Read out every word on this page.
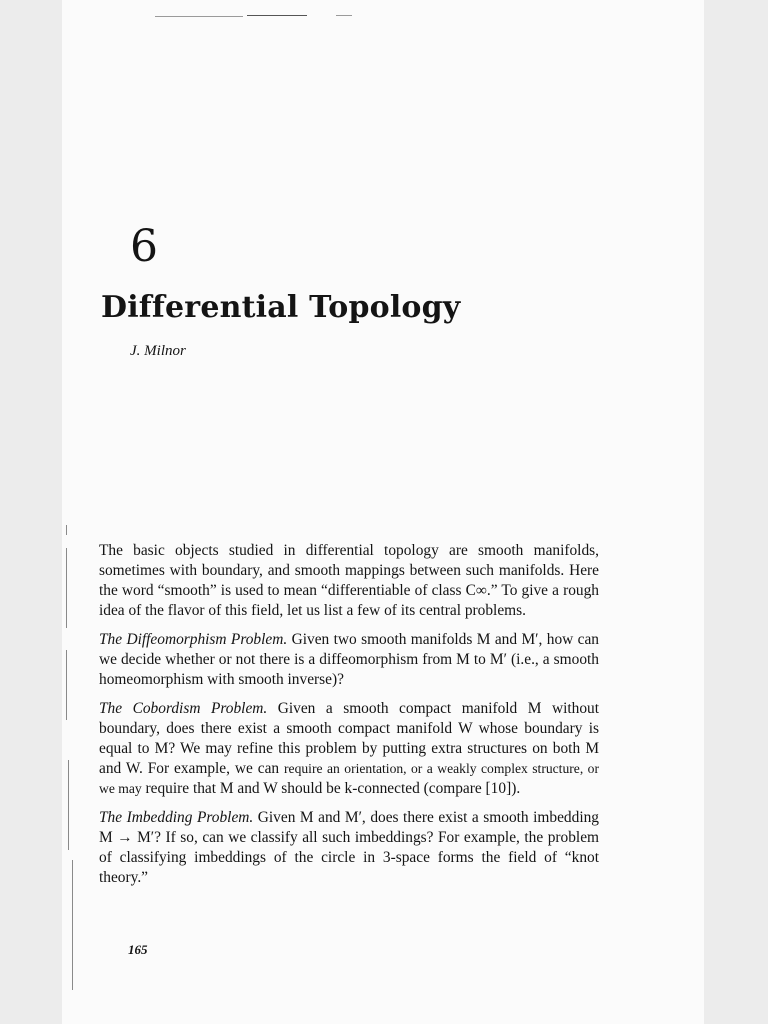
6
Differential Topology
J. Milnor

The basic objects studied in differential topology are smooth manifolds, sometimes with boundary, and smooth mappings between such manifolds. Here the word “smooth” is used to mean “differentiable of class C∞.” To give a rough idea of the flavor of this field, let us list a few of its central problems.

The Diffeomorphism Problem. Given two smooth manifolds M and M′, how can we decide whether or not there is a diffeomorphism from M to M′ (i.e., a smooth homeomorphism with smooth inverse)?

The Cobordism Problem. Given a smooth compact manifold M without boundary, does there exist a smooth compact manifold W whose boundary is equal to M? We may refine this problem by putting extra structures on both M and W. For example, we can require an orientation, or a weakly complex structure, or we may require that M and W should be k-connected (compare [10]).

The Imbedding Problem. Given M and M′, does there exist a smooth imbedding M → M′? If so, can we classify all such imbeddings? For example, the problem of classifying imbeddings of the circle in 3-space forms the field of “knot theory.”

165
